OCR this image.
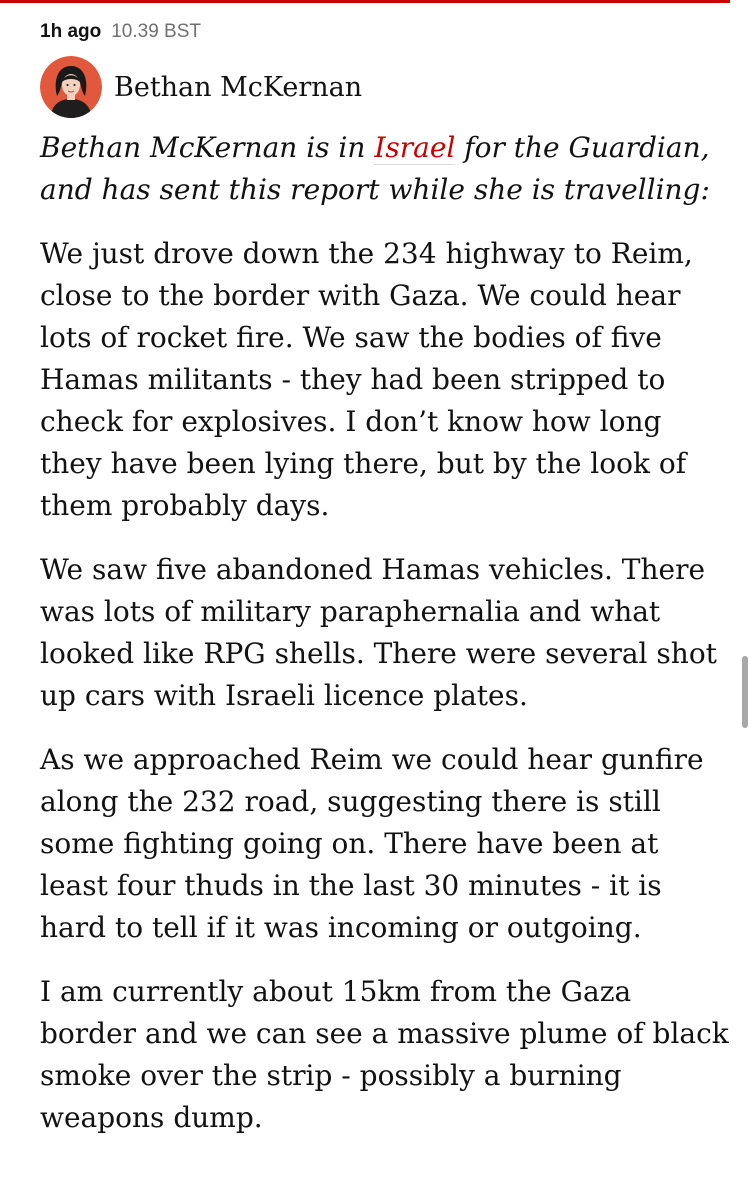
1h ago 10.39 BST
Bethan McKernan

Bethan McKernan is in Israel for the Guardian, and has sent this report while she is travelling:

We just drove down the 234 highway to Reim, close to the border with Gaza. We could hear lots of rocket fire. We saw the bodies of five Hamas militants - they had been stripped to check for explosives. I don’t know how long they have been lying there, but by the look of them probably days.

We saw five abandoned Hamas vehicles. There was lots of military paraphernalia and what looked like RPG shells. There were several shot up cars with Israeli licence plates.

As we approached Reim we could hear gunfire along the 232 road, suggesting there is still some fighting going on. There have been at least four thuds in the last 30 minutes - it is hard to tell if it was incoming or outgoing.

I am currently about 15km from the Gaza border and we can see a massive plume of black smoke over the strip - possibly a burning weapons dump.
